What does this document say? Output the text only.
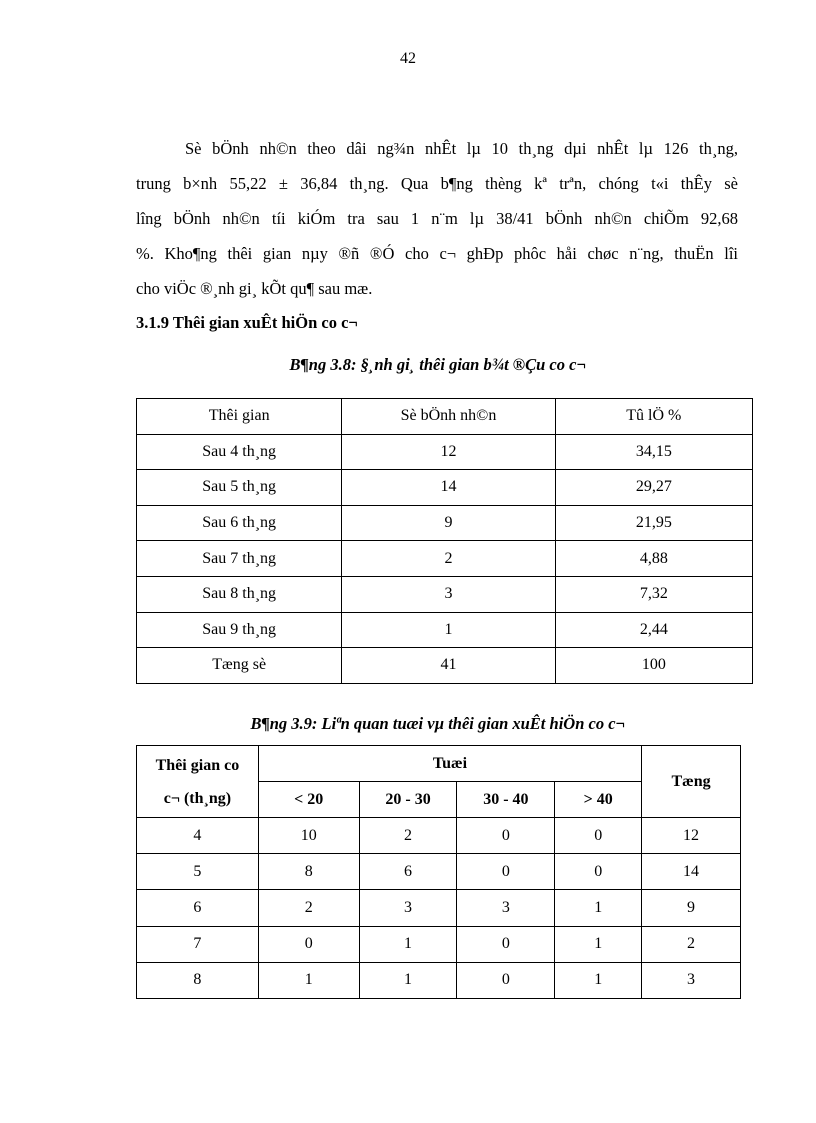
42
Sè bÖnh nh©n theo dâi ng¾n nhÊt lµ 10 th¸ng dµi nhÊt lµ 126 th¸ng,
trung b×nh 55,22 ± 36,84 th¸ng. Qua b¶ng thèng kª trªn, chóng t«i thÊy sè
lîng bÖnh nh©n tíi kiÓm tra sau 1 n¨m lµ 38/41 bÖnh nh©n chiÕm 92,68
%. Kho¶ng thêi gian nµy ®ñ ®Ó cho c¬ ghÐp phôc håi chøc n¨ng, thuËn lîi
cho viÖc ®¸nh gi¸ kÕt qu¶ sau mæ.
3.1.9 Thêi gian xuÊt hiÖn co c¬
B¶ng 3.8: §¸nh gi¸ thêi gian b¾t ®Çu co c¬
Thêi gian	Sè bÖnh nh©n	Tû lÖ %
Sau 4 th¸ng	12	34,15
Sau 5 th¸ng	14	29,27
Sau 6 th¸ng	9	21,95
Sau 7 th¸ng	2	4,88
Sau 8 th¸ng	3	7,32
Sau 9 th¸ng	1	2,44
Tæng sè	41	100
B¶ng 3.9: Liªn quan tuæi vµ thêi gian xuÊt hiÖn co c¬
Thêi gian co
c¬ (th¸ng)	Tuæi				Tæng
	< 20	20 - 30	30 - 40	> 40	
4	10	2	0	0	12
5	8	6	0	0	14
6	2	3	3	1	9
7	0	1	0	1	2
8	1	1	0	1	3
